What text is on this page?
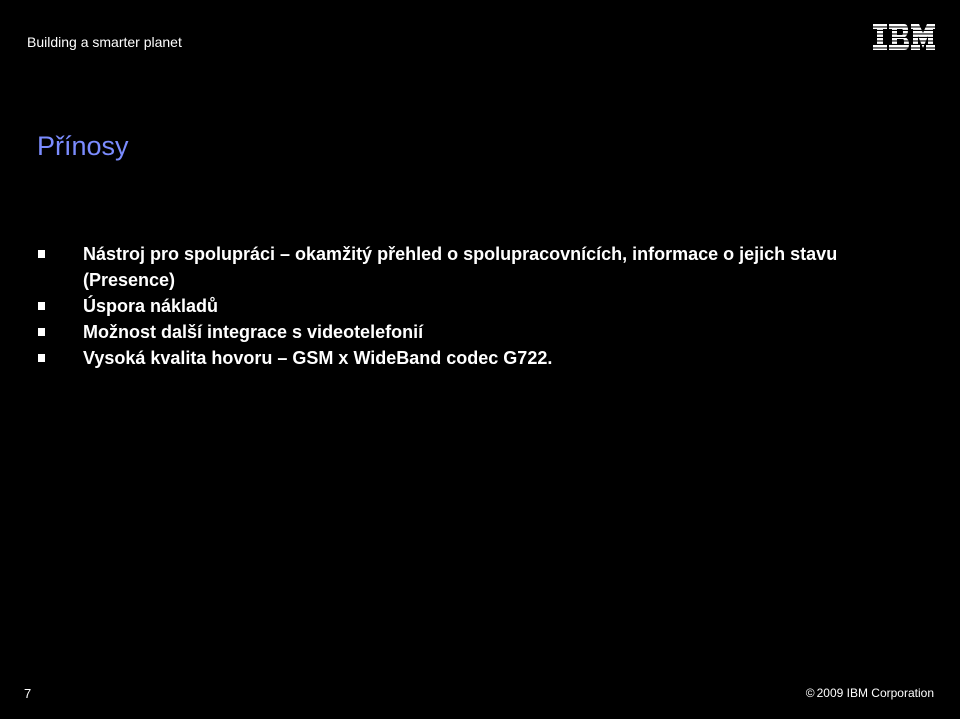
Building a smarter planet
Přínosy
Nástroj pro spolupráci – okamžitý přehled o spolupracovnících, informace o jejich stavu (Presence)
Úspora nákladů
Možnost další integrace s videotelefonií
Vysoká kvalita hovoru – GSM x WideBand codec G722.
7	© 2009 IBM Corporation
